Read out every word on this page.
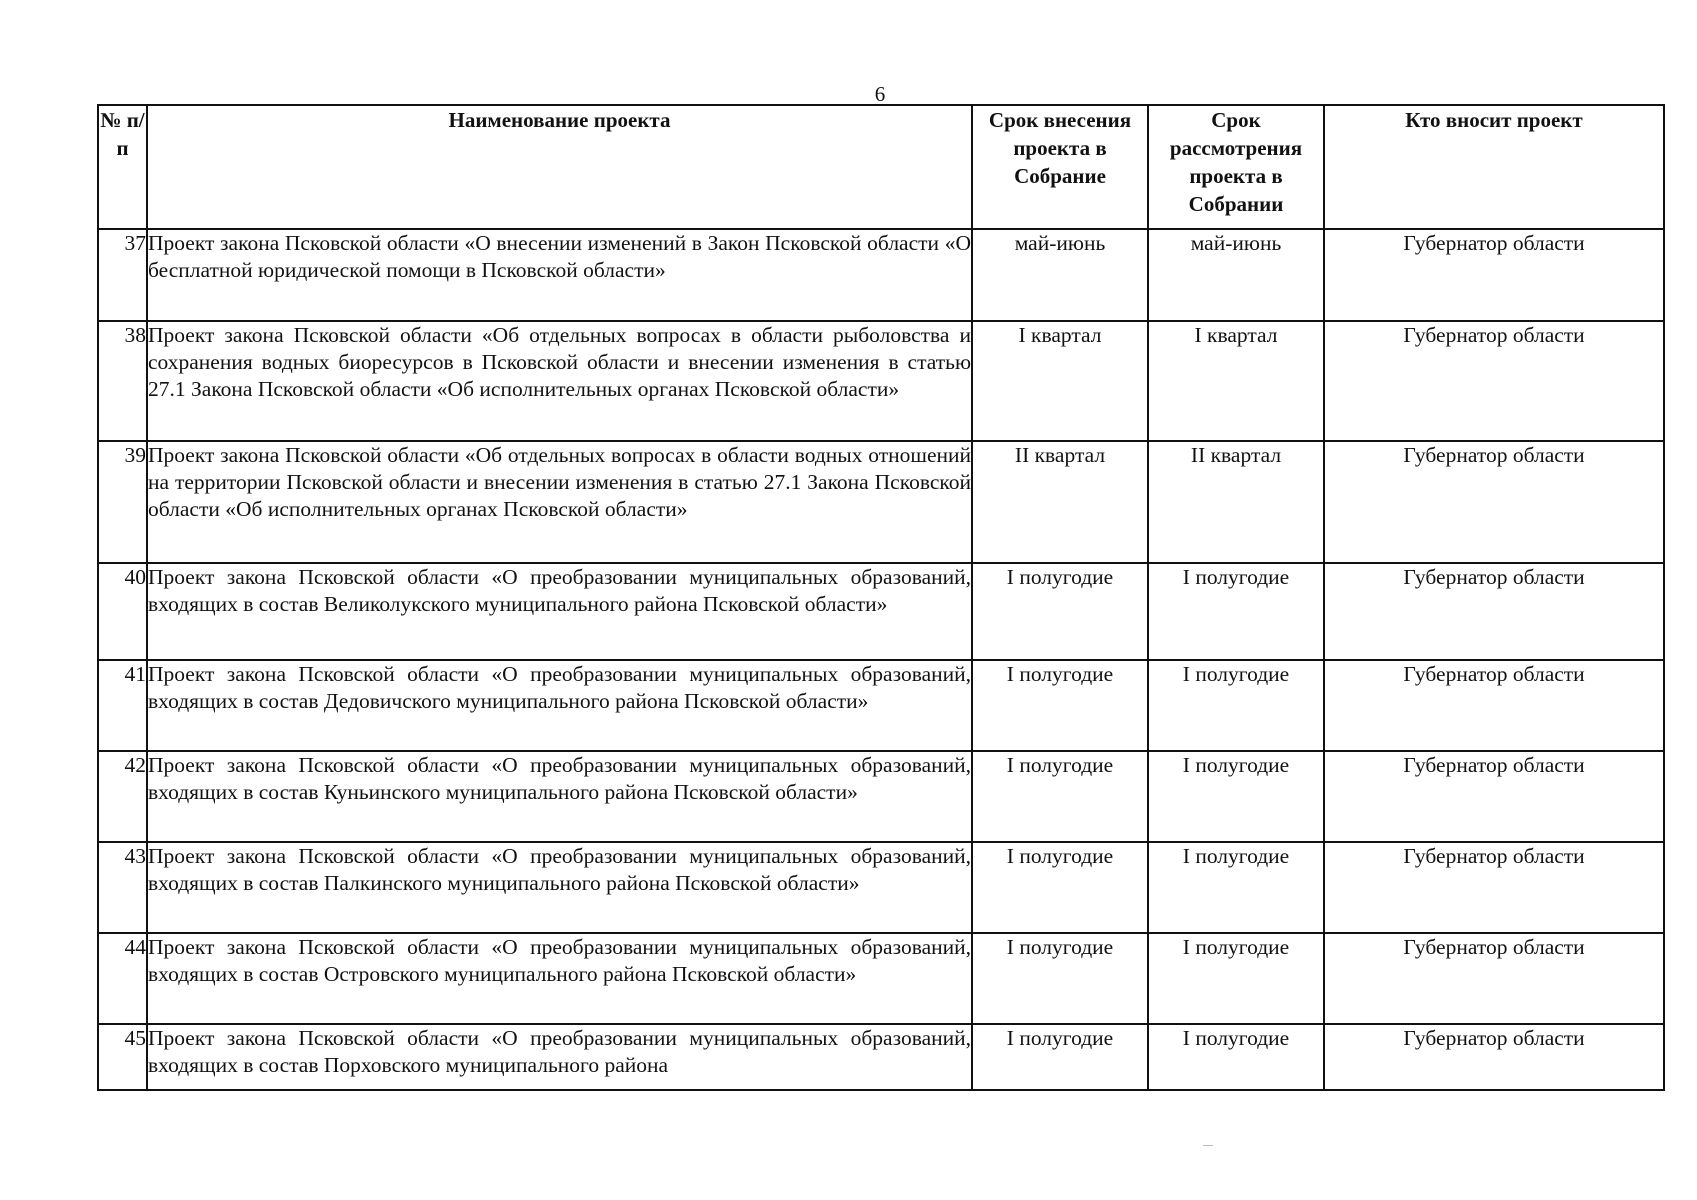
6
№ п/п	Наименование проекта	Срок внесения проекта в Собрание	Срок рассмотрения проекта в Собрании	Кто вносит проект
37	Проект закона Псковской области «О внесении изменений в Закон Псковской области «О бесплатной юридической помощи в Псковской области»	май-июнь	май-июнь	Губернатор области
38	Проект закона Псковской области «Об отдельных вопросах в области рыболовства и сохранения водных биоресурсов в Псковской области и внесении изменения в статью 27.1 Закона Псковской области «Об исполнительных органах Псковской области»	I квартал	I квартал	Губернатор области
39	Проект закона Псковской области «Об отдельных вопросах в области водных отношений на территории Псковской области и внесении изменения в статью 27.1 Закона Псковской области «Об исполнительных органах Псковской области»	II квартал	II квартал	Губернатор области
40	Проект закона Псковской области «О преобразовании муниципальных образований, входящих в состав Великолукского муниципального района Псковской области»	I полугодие	I полугодие	Губернатор области
41	Проект закона Псковской области «О преобразовании муниципальных образований, входящих в состав Дедовичского муниципального района Псковской области»	I полугодие	I полугодие	Губернатор области
42	Проект закона Псковской области «О преобразовании муниципальных образований, входящих в состав Куньинского муниципального района Псковской области»	I полугодие	I полугодие	Губернатор области
43	Проект закона Псковской области «О преобразовании муниципальных образований, входящих в состав Палкинского муниципального района Псковской области»	I полугодие	I полугодие	Губернатор области
44	Проект закона Псковской области «О преобразовании муниципальных образований, входящих в состав Островского муниципального района Псковской области»	I полугодие	I полугодие	Губернатор области
45	Проект закона Псковской области «О преобразовании муниципальных образований, входящих в состав Порховского муниципального района	I полугодие	I полугодие	Губернатор области
